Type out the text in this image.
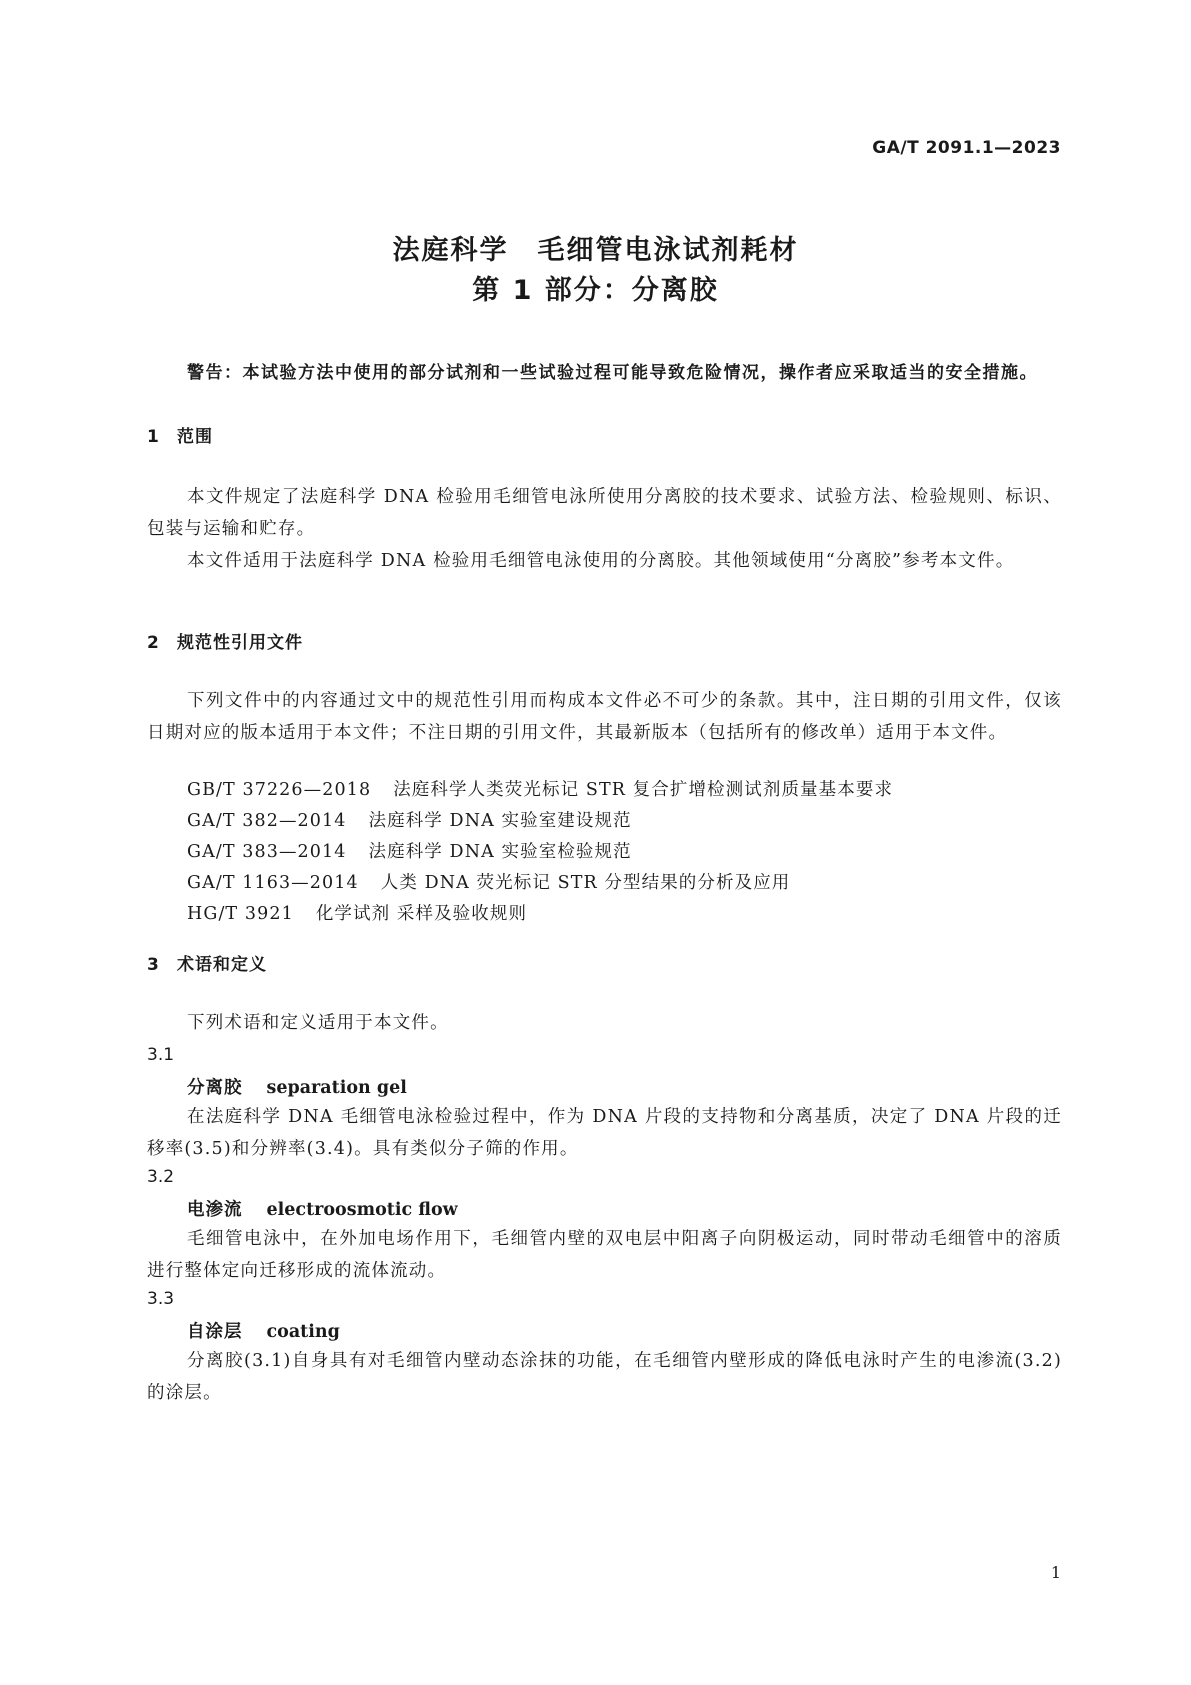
GA/T 2091.1—2023
法庭科学　毛细管电泳试剂耗材
第 1 部分：分离胶
警告：本试验方法中使用的部分试剂和一些试验过程可能导致危险情况，操作者应采取适当的安全措施。
1 范围
本文件规定了法庭科学 DNA 检验用毛细管电泳所使用分离胶的技术要求、试验方法、检验规则、标识、包装与运输和贮存。
本文件适用于法庭科学 DNA 检验用毛细管电泳使用的分离胶。其他领域使用“分离胶”参考本文件。
2 规范性引用文件
下列文件中的内容通过文中的规范性引用而构成本文件必不可少的条款。其中，注日期的引用文件，仅该日期对应的版本适用于本文件；不注日期的引用文件，其最新版本（包括所有的修改单）适用于本文件。
GB/T 37226—2018 法庭科学人类荧光标记 STR 复合扩增检测试剂质量基本要求
GA/T 382—2014 法庭科学 DNA 实验室建设规范
GA/T 383—2014 法庭科学 DNA 实验室检验规范
GA/T 1163—2014 人类 DNA 荧光标记 STR 分型结果的分析及应用
HG/T 3921 化学试剂 采样及验收规则
3 术语和定义
下列术语和定义适用于本文件。
3.1
分离胶 separation gel
在法庭科学 DNA 毛细管电泳检验过程中，作为 DNA 片段的支持物和分离基质，决定了 DNA 片段的迁移率(3.5)和分辨率(3.4)。具有类似分子筛的作用。
3.2
电渗流 electroosmotic flow
毛细管电泳中，在外加电场作用下，毛细管内壁的双电层中阳离子向阴极运动，同时带动毛细管中的溶质进行整体定向迁移形成的流体流动。
3.3
自涂层 coating
分离胶(3.1)自身具有对毛细管内壁动态涂抹的功能，在毛细管内壁形成的降低电泳时产生的电渗流(3.2)的涂层。
1
